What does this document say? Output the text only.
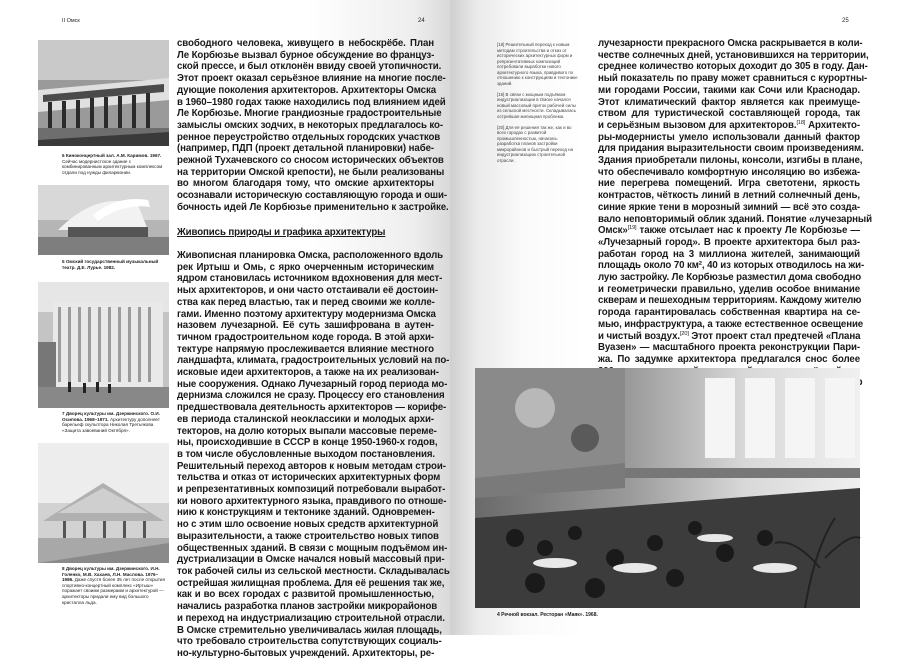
II Омск	24
6 Киноконцертный зал. А.М. Каримов. 1967. Сейчас модернистское здание с комбинированным архитектурным комплексом отдали под нужды филармонии.
5 Омский государственный музыкальный театр. Д.Е. Лурье. 1982.
7 Дворец культуры им. Дзержинского. О.И. Осипова. 1968–1971. Архитектуру дополняет барельеф скульптора Николая Третьякова «Защита завоеваний Октября».
8 Дворец культуры им. Дзержинского. И.Н. Голенко, М.В. Хахаев, Л.Н. Маслова. 1976–1986. Даже спустя более 35 лет после открытия спортивно-концертный комплекс «Иртыш» поражает своими размерами и архитектурой — архитекторы придали ему вид большого кристалла льда.

свободного человека, живущего в небоскрёбе. План

Ле Корбюзье вызвал бурное обсуждение во француз-

ской прессе, и был отклонён ввиду своей утопичности.

Этот проект оказал серьёзное влияние на многие после-

дующие поколения архитекторов. Архитекторы Омска

в 1960–1980 годах также находились под влиянием идей

Ле Корбюзье. Многие грандиозные градостроительные

замыслы омских зодчих, в некоторых предлагалось ко-

ренное переустройство отдельных городских участков

(например, ПДП (проект детальной планировки) набе-

режной Тухачевского со сносом исторических объектов

на территории Омской крепости), не были реализованы

во многом благодаря тому, что омские архитекторы

осознавали историческую составляющую города и оши-

бочность идей Ле Корбюзье применительно к застройке.

Живопись природы и графика архитектуры

Живописная планировка Омска, расположенного вдоль

рек Иртыш и Омь, с ярко очерченным историческим

ядром становилась источником вдохновения для мест-

ных архитекторов, и они часто отстаивали её достоин-

ства как перед властью, так и перед своими же колле-

гами. Именно поэтому архитектуру модернизма Омска

назовем лучезарной. Её суть зашифрована в аутен-

тичном градостроительном коде города. В этой архи-

тектуре напрямую прослеживается влияние местного

ландшафта, климата, градостроительных условий на по-

исковые идеи архитекторов, а также на их реализован-

ные сооружения. Однако Лучезарный город периода мо-

дернизма сложился не сразу. Процессу его становления

предшествовала деятельность архитекторов — корифе-

ев периода сталинской неоклассики и молодых архи-

текторов, на долю которых выпали массовые переме-

ны, происходившие в СССР в конце 1950-1960-х годов,

в том числе обусловленные выходом постановления.

Решительный переход авторов к новым методам строи-

тельства и отказ от исторических архитектурных форм

и репрезентативных композиций потребовали выработ-

ки нового архитектурного языка, правдивого по отноше-

нию к конструкциям и тектонике зданий. Одновремен-

но с этим шло освоение новых средств архитектурной

выразительности, а также строительство новых типов

общественных зданий. В связи с мощным подъёмом ин-

дустриализации в Омске начался новый массовый при-

ток рабочей силы из сельской местности. Складывалась

острейшая жилищная проблема. Для её решения так же,

как и во всех городах с развитой промышленностью,

начались разработка планов застройки микрорайонов

и переход на индустриализацию строительной отрасли.

В Омске стремительно увеличивалась жилая площадь,

что требовало строительства сопутствующих социаль-

но-культурно-бытовых учреждений. Архитекторы, ре-

25
[18] Решительный переход к новым методам строительства и отказ от исторических архитектурных форм и репрезентативных композиций потребовали выработки нового архитектурного языка, правдивого по отношению к конструкциям и тектонике зданий.
[19] В связи с мощным подъёмом индустриализации в Омске начался новый массовый приток рабочей силы из сельской местности. Складывалась острейшая жилищная проблема.
[20] Для её решения так же, как и во всех городах с развитой промышленностью, начались разработка планов застройки микрорайонов и быстрый переход на индустриализацию строительной отрасли.

лучезарности прекрасного Омска раскрывается в коли-

честве солнечных дней, установившихся на территории,

среднее количество которых доходит до 305 в году. Дан-

ный показатель по праву может сравниться с курортны-

ми городами России, такими как Сочи или Краснодар.

Этот климатический фактор является как преимуще-

ством для туристической составляющей города, так

и серьёзным вызовом для архитекторов.[18] Архитекто-

ры-модернисты умело использовали данный фактор

для придания выразительности своим произведениям.

Здания приобретали пилоны, консоли, изгибы в плане,

что обеспечивало комфортную инсоляцию во избежа-

ние перегрева помещений. Игра светотени, яркость

контрастов, чёткость линий в летний солнечный день,

синие яркие тени в морозный зимний — всё это созда-

вало неповторимый облик зданий. Понятие «лучезарный

Омск»[19] также отсылает нас к проекту Ле Корбюзье —

«Лучезарный город». В проекте архитектора был раз-

работан город на 3 миллиона жителей, занимающий

площадь около 70 км², 40 из которых отводилось на жи-

лую застройку. Ле Корбюзье разместил дома свободно

и геометрически правильно, уделив особое внимание

скверам и пешеходным территориям. Каждому жителю

города гарантировалась собственная квартира на се-

мью, инфраструктура, а также естественное освещение

и чистый воздух.[20] Этот проект стал предтечей «Плана

Вуазен» — масштабного проекта реконструкции Пари-

жа. По задумке архитектора предлагался снос более

4 Речной вокзал. Ресторан «Маяк». 1968.
